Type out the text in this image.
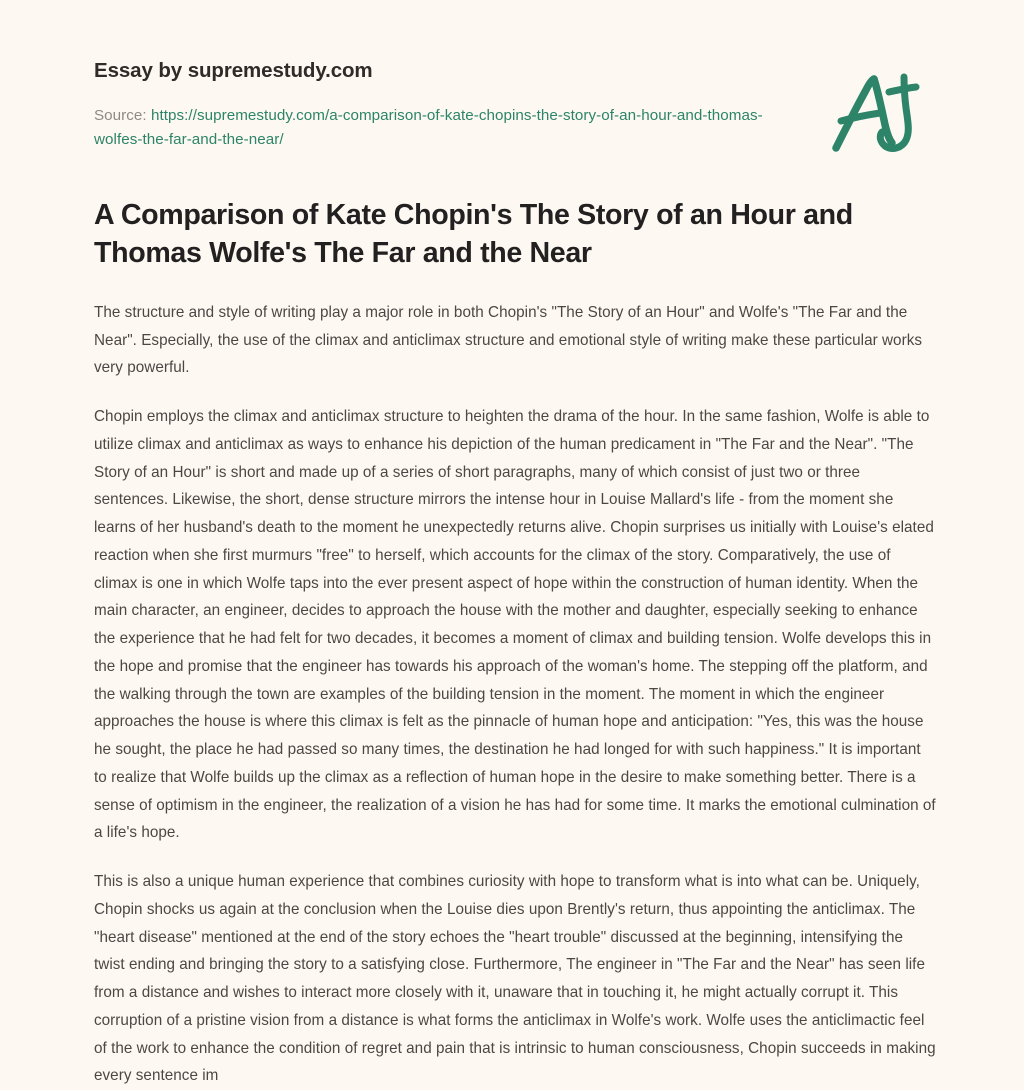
Essay by supremestudy.com
Source: https://supremestudy.com/a-comparison-of-kate-chopins-the-story-of-an-hour-and-thomas-wolfes-the-far-and-the-near/
A Comparison of Kate Chopin's The Story of an Hour and Thomas Wolfe's The Far and the Near

The structure and style of writing play a major role in both Chopin's "The Story of an Hour" and Wolfe's "The Far and the Near". Especially, the use of the climax and anticlimax structure and emotional style of writing make these particular works very powerful.

Chopin employs the climax and anticlimax structure to heighten the drama of the hour. In the same fashion, Wolfe is able to utilize climax and anticlimax as ways to enhance his depiction of the human predicament in "The Far and the Near". "The Story of an Hour" is short and made up of a series of short paragraphs, many of which consist of just two or three sentences. Likewise, the short, dense structure mirrors the intense hour in Louise Mallard's life - from the moment she learns of her husband's death to the moment he unexpectedly returns alive. Chopin surprises us initially with Louise's elated reaction when she first murmurs "free" to herself, which accounts for the climax of the story. Comparatively, the use of climax is one in which Wolfe taps into the ever present aspect of hope within the construction of human identity. When the main character, an engineer, decides to approach the house with the mother and daughter, especially seeking to enhance the experience that he had felt for two decades, it becomes a moment of climax and building tension. Wolfe develops this in the hope and promise that the engineer has towards his approach of the woman's home. The stepping off the platform, and the walking through the town are examples of the building tension in the moment. The moment in which the engineer approaches the house is where this climax is felt as the pinnacle of human hope and anticipation: "Yes, this was the house he sought, the place he had passed so many times, the destination he had longed for with such happiness." It is important to realize that Wolfe builds up the climax as a reflection of human hope in the desire to make something better. There is a sense of optimism in the engineer, the realization of a vision he has had for some time. It marks the emotional culmination of a life's hope.

This is also a unique human experience that combines curiosity with hope to transform what is into what can be. Uniquely, Chopin shocks us again at the conclusion when the Louise dies upon Brently's return, thus appointing the anticlimax. The "heart disease" mentioned at the end of the story echoes the "heart trouble" discussed at the beginning, intensifying the twist ending and bringing the story to a satisfying close. Furthermore, The engineer in "The Far and the Near" has seen life from a distance and wishes to interact more closely with it, unaware that in touching it, he might actually corrupt it. This corruption of a pristine vision from a distance is what forms the anticlimax in Wolfe's work. Wolfe uses the anticlimactic feel of the work to enhance the condition of regret and pain that is intrinsic to human consciousness, Chopin succeeds in making every sentence im
